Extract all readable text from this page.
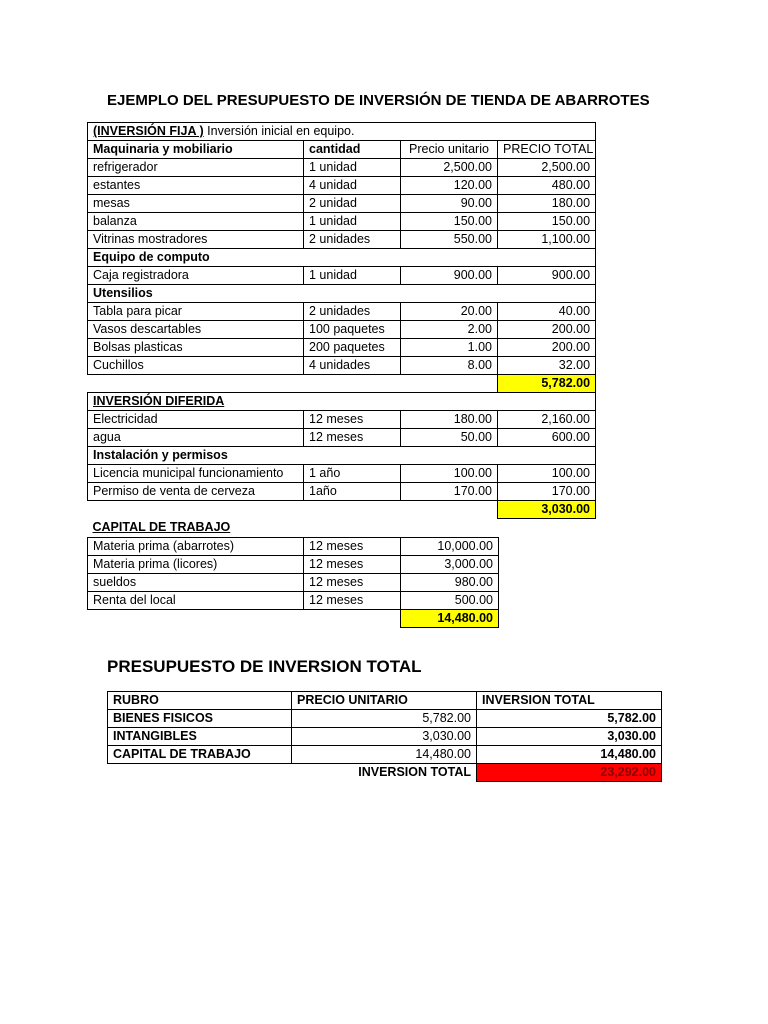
EJEMPLO DEL PRESUPUESTO DE INVERSIÓN DE TIENDA DE ABARROTES
(INVERSIÓN FIJA ) Inversión inicial en equipo.			
Maquinaria y mobiliario	cantidad	Precio unitario	PRECIO TOTAL
refrigerador	1 unidad	2,500.00	2,500.00
estantes	4 unidad	120.00	480.00
mesas	2 unidad	90.00	180.00
balanza	1 unidad	150.00	150.00
Vitrinas mostradores	2 unidades	550.00	1,100.00
Equipo de computo			
Caja registradora	1 unidad	900.00	900.00
Utensilios			
Tabla para picar	2 unidades	20.00	40.00
Vasos descartables	100 paquetes	2.00	200.00
Bolsas plasticas	200 paquetes	1.00	200.00
Cuchillos	4 unidades	8.00	32.00
			5,782.00
INVERSIÓN DIFERIDA			
Electricidad	12 meses	180.00	2,160.00
agua	12 meses	50.00	600.00
Instalación y permisos			
Licencia municipal funcionamiento	1 año	100.00	100.00
Permiso de venta de cerveza	1año	170.00	170.00
			3,030.00
CAPITAL DE TRABAJO		
Materia prima (abarrotes)	12 meses	10,000.00
Materia prima (licores)	12 meses	3,000.00
sueldos	12 meses	980.00
Renta del local	12 meses	500.00
		14,480.00
PRESUPUESTO DE INVERSION TOTAL
RUBRO	PRECIO UNITARIO	INVERSION TOTAL
BIENES FISICOS	5,782.00	5,782.00
INTANGIBLES	3,030.00	3,030.00
CAPITAL DE TRABAJO	14,480.00	14,480.00
	INVERSION TOTAL	23,292.00
